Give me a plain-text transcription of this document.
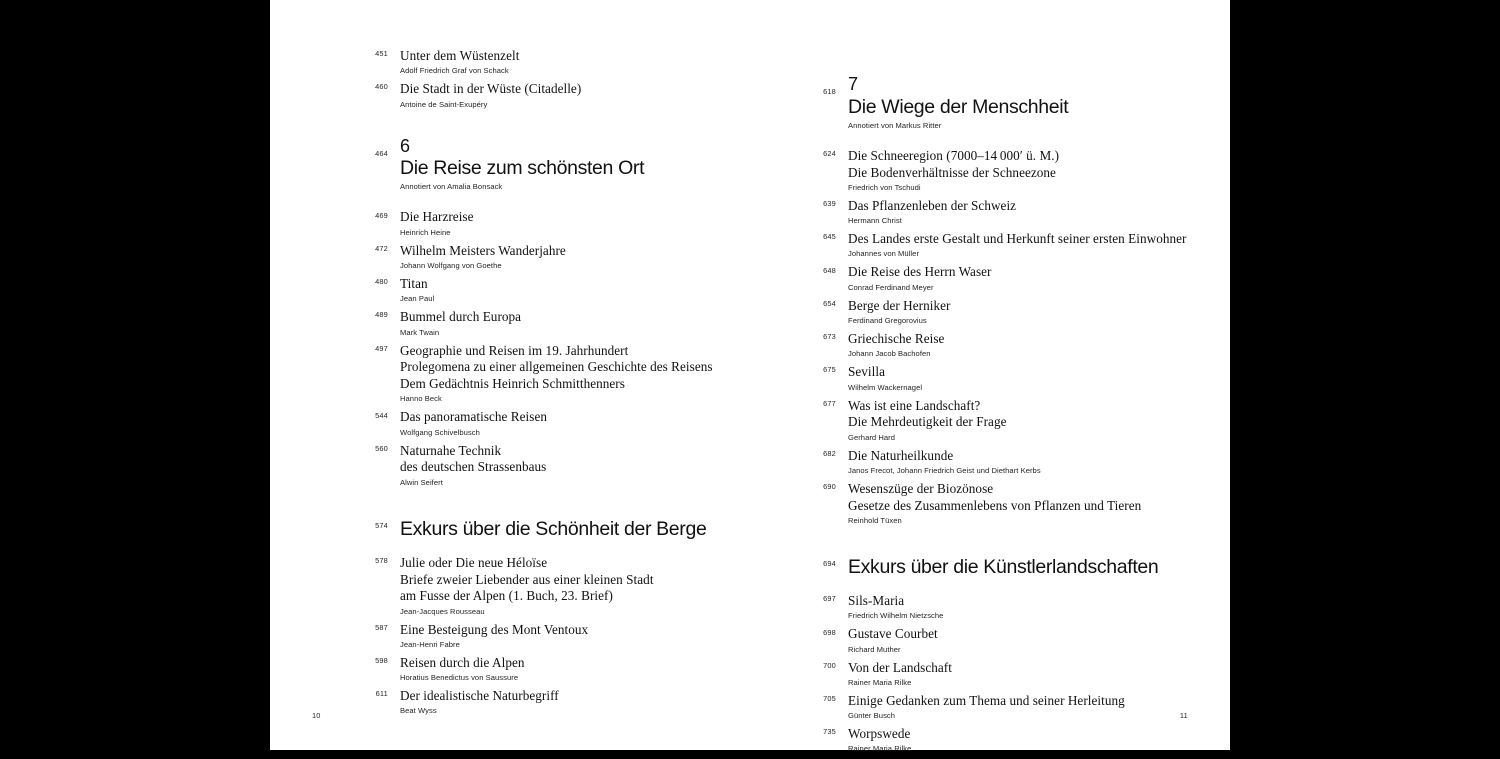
451 Unter dem Wüstenzelt
Adolf Friedrich Graf von Schack
460 Die Stadt in der Wüste (Citadelle)
Antoine de Saint-Exupéry
6
464
Die Reise zum schönsten Ort
Annotiert von Amalia Bonsack
469 Die Harzreise
Heinrich Heine
472 Wilhelm Meisters Wanderjahre
Johann Wolfgang von Goethe
480 Titan
Jean Paul
489 Bummel durch Europa
Mark Twain
497 Geographie und Reisen im 19. Jahrhundert
Prolegomena zu einer allgemeinen Geschichte des Reisens
Dem Gedächtnis Heinrich Schmitthenners
Hanno Beck
544 Das panoramatische Reisen
Wolfgang Schivelbusch
560 Naturnahe Technik
des deutschen Strassenbaus
Alwin Seifert
574 Exkurs über die Schönheit der Berge
578 Julie oder Die neue Héloïse
Briefe zweier Liebender aus einer kleinen Stadt
am Fusse der Alpen (1. Buch, 23. Brief)
Jean-Jacques Rousseau
587 Eine Besteigung des Mont Ventoux
Jean-Henri Fabre
598 Reisen durch die Alpen
Horatius Benedictus von Saussure
611 Der idealistische Naturbegriff
Beat Wyss
10
7
618
Die Wiege der Menschheit
Annotiert von Markus Ritter
624 Die Schneeregion (7000–14 000′ ü. M.)
Die Bodenverhältnisse der Schneezone
Friedrich von Tschudi
639 Das Pflanzenleben der Schweiz
Hermann Christ
645 Des Landes erste Gestalt und Herkunft seiner ersten Einwohner
Johannes von Müller
648 Die Reise des Herrn Waser
Conrad Ferdinand Meyer
654 Berge der Herniker
Ferdinand Gregorovius
673 Griechische Reise
Johann Jacob Bachofen
675 Sevilla
Wilhelm Wackernagel
677 Was ist eine Landschaft?
Die Mehrdeutigkeit der Frage
Gerhard Hard
682 Die Naturheilkunde
Janos Frecot, Johann Friedrich Geist und Diethart Kerbs
690 Wesenszüge der Biozönose
Gesetze des Zusammenlebens von Pflanzen und Tieren
Reinhold Tüxen
694 Exkurs über die Künstlerlandschaften
697 Sils-Maria
Friedrich Wilhelm Nietzsche
698 Gustave Courbet
Richard Muther
700 Von der Landschaft
Rainer Maria Rilke
705 Einige Gedanken zum Thema und seiner Herleitung
Günter Busch
735 Worpswede
Rainer Maria Rilke
11
